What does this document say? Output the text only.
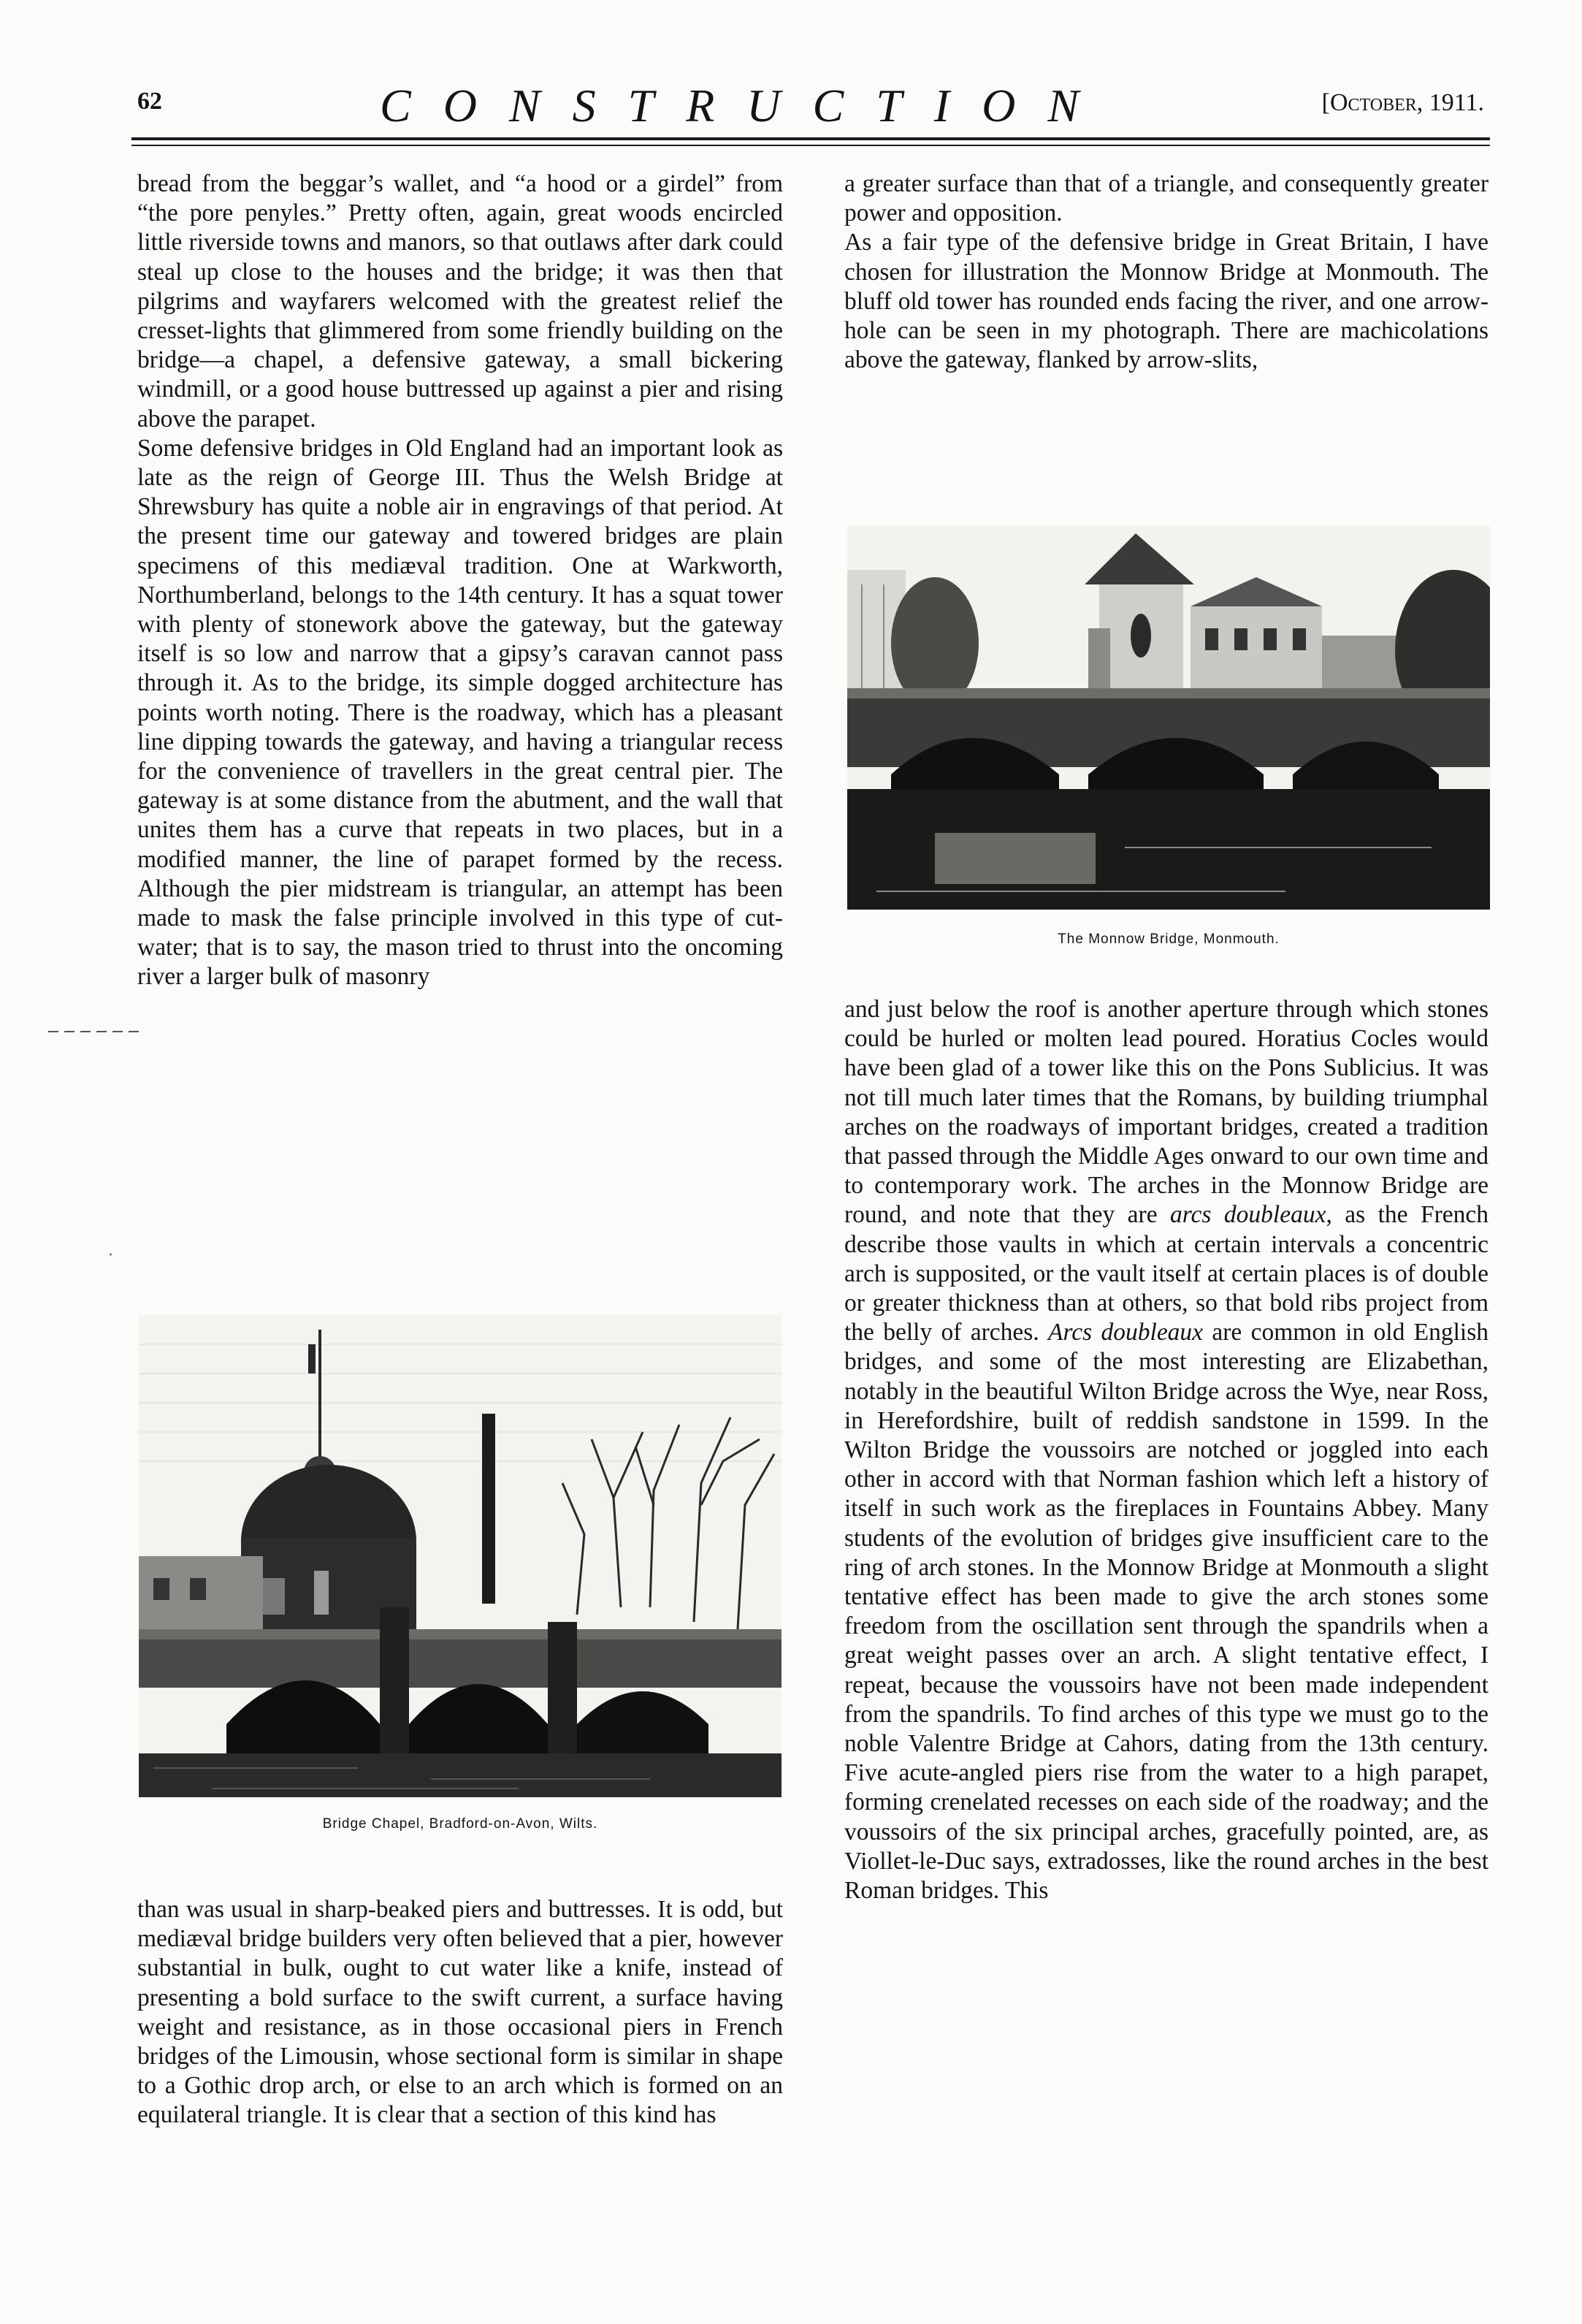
62	CONSTRUCTION	[October, 1911.

bread from the beggar’s wallet, and “a hood or a girdel” from “the pore penyles.” Pretty often, again, great woods encircled little riverside towns and manors, so that outlaws after dark could steal up close to the houses and the bridge; it was then that pilgrims and wayfarers welcomed with the greatest relief the cresset-lights that glimmered from some friendly building on the bridge—a chapel, a defensive gateway, a small bickering windmill, or a good house buttressed up against a pier and rising above the parapet.

Some defensive bridges in Old England had an important look as late as the reign of George III. Thus the Welsh Bridge at Shrewsbury has quite a noble air in engravings of that period. At the present time our gateway and towered bridges are plain specimens of this mediæval tradition. One at Warkworth, Northumberland, belongs to the 14th century. It has a squat tower with plenty of stonework above the gateway, but the gateway itself is so low and narrow that a gipsy’s caravan cannot pass through it. As to the bridge, its simple dogged architecture has points worth noting. There is the roadway, which has a pleasant line dipping towards the gateway, and having a triangular recess for the convenience of travellers in the great central pier. The gateway is at some distance from the abutment, and the wall that unites them has a curve that repeats in two places, but in a modified manner, the line of parapet formed by the recess. Although the pier midstream is triangular, an attempt has been made to mask the false principle involved in this type of cut-water; that is to say, the mason tried to thrust into the oncoming river a larger bulk of masonry

·
Bridge Chapel, Bradford-on-Avon, Wilts.

than was usual in sharp-beaked piers and buttresses. It is odd, but mediæval bridge builders very often believed that a pier, however substantial in bulk, ought to cut water like a knife, instead of presenting a bold surface to the swift current, a surface having weight and resistance, as in those occasional piers in French bridges of the Limousin, whose sectional form is similar in shape to a Gothic drop arch, or else to an arch which is formed on an equilateral triangle. It is clear that a section of this kind has

a greater surface than that of a triangle, and consequently greater power and opposition.

As a fair type of the defensive bridge in Great Britain, I have chosen for illustration the Monnow Bridge at Monmouth. The bluff old tower has rounded ends facing the river, and one arrow-hole can be seen in my photograph. There are machicolations above the gateway, flanked by arrow-slits,

The Monnow Bridge, Monmouth.

and just below the roof is another aperture through which stones could be hurled or molten lead poured. Horatius Cocles would have been glad of a tower like this on the Pons Sublicius. It was not till much later times that the Romans, by building triumphal arches on the roadways of important bridges, created a tradition that passed through the Middle Ages onward to our own time and to contemporary work. The arches in the Monnow Bridge are round, and note that they are arcs doubleaux, as the French describe those vaults in which at certain intervals a concentric arch is supposited, or the vault itself at certain places is of double or greater thickness than at others, so that bold ribs project from the belly of arches. Arcs doubleaux are common in old English bridges, and some of the most interesting are Elizabethan, notably in the beautiful Wilton Bridge across the Wye, near Ross, in Herefordshire, built of reddish sandstone in 1599. In the Wilton Bridge the voussoirs are notched or joggled into each other in accord with that Norman fashion which left a history of itself in such work as the fireplaces in Fountains Abbey. Many students of the evolution of bridges give insufficient care to the ring of arch stones. In the Monnow Bridge at Monmouth a slight tentative effect has been made to give the arch stones some freedom from the oscillation sent through the spandrils when a great weight passes over an arch. A slight tentative effect, I repeat, because the voussoirs have not been made independent from the spandrils. To find arches of this type we must go to the noble Valentre Bridge at Cahors, dating from the 13th century. Five acute-angled piers rise from the water to a high parapet, forming crenelated recesses on each side of the roadway; and the voussoirs of the six principal arches, gracefully pointed, are, as Viollet-le-Duc says, extradosses, like the round arches in the best Roman bridges. This
